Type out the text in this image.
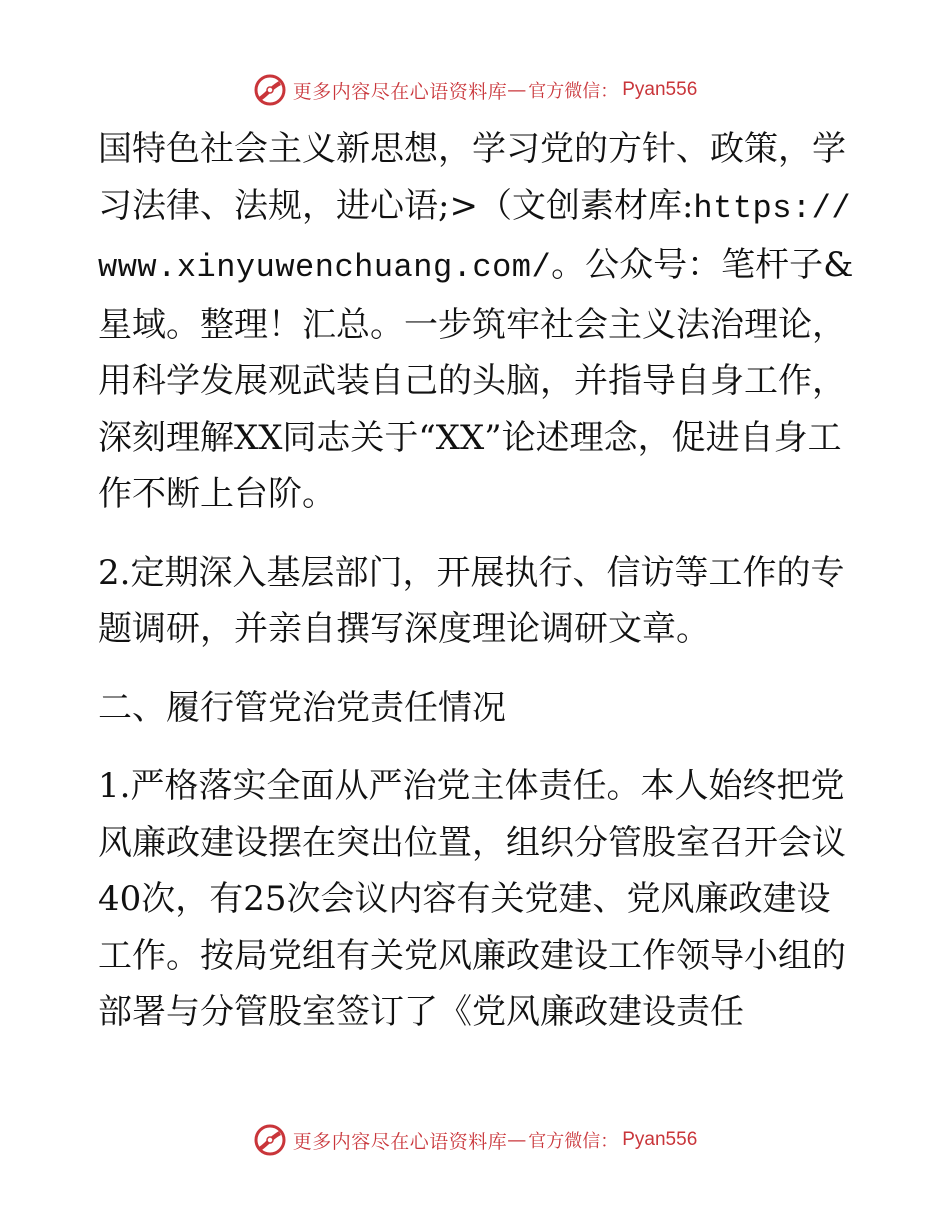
更多内容尽在心语资料库 — 官方微信： Pyan556

国特色社会主义新思想，学习党的方针、政策，学习法律、法规，进心语;>（文创素材库:https://www.xinyuwenchuang.com/。公众号：笔杆子&星域。整理！汇总。一步筑牢社会主义法治理论，用科学发展观武装自己的头脑，并指导自身工作，深刻理解XX同志关于“XX”论述理念，促进自身工作不断上台阶。

2.定期深入基层部门，开展执行、信访等工作的专题调研，并亲自撰写深度理论调研文章。

二、履行管党治党责任情况

1.严格落实全面从严治党主体责任。本人始终把党风廉政建设摆在突出位置，组织分管股室召开会议40次，有25次会议内容有关党建、党风廉政建设工作。按局党组有关党风廉政建设工作领导小组的部署与分管股室签订了《党风廉政建设责任

更多内容尽在心语资料库 — 官方微信： Pyan556
